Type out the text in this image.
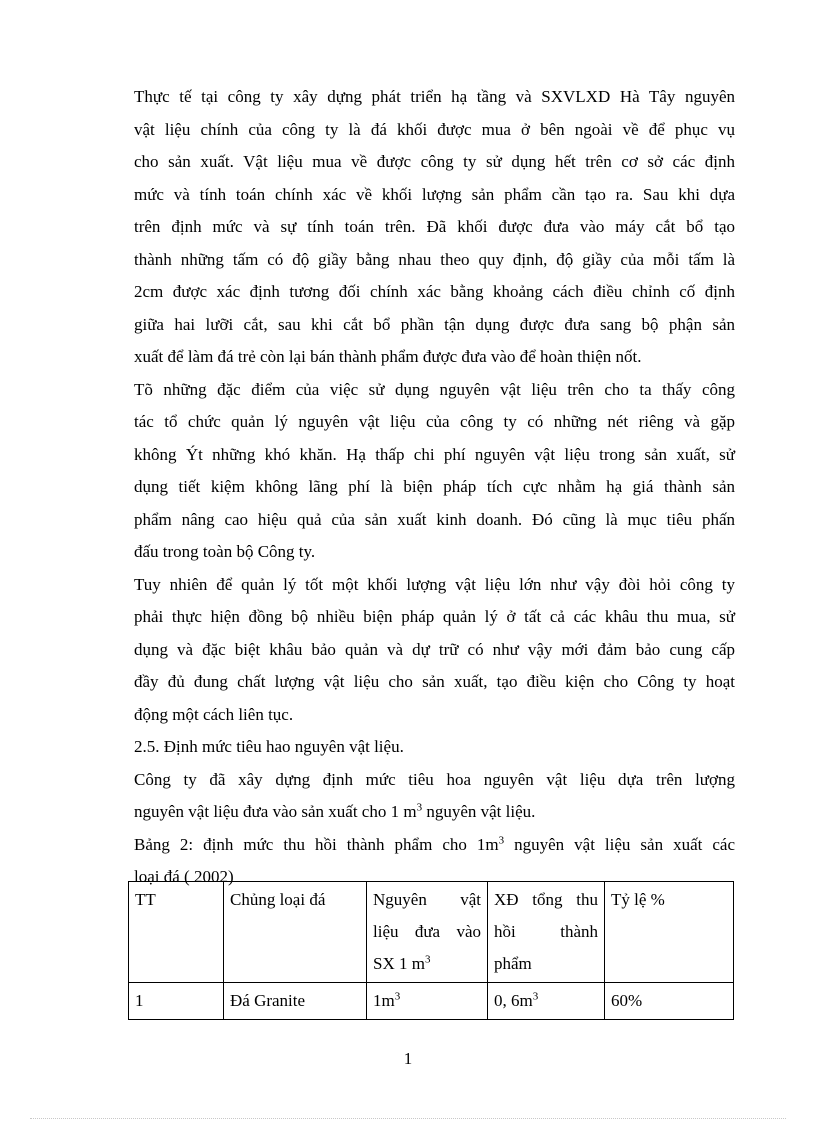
Thực tế tại công ty xây dựng phát triển hạ tầng và SXVLXD Hà Tây nguyên
vật liệu chính của công ty là đá khối được mua ở bên ngoài về để phục vụ
cho sản xuất. Vật liệu mua về được công ty sử dụng hết trên cơ sở các định
mức và tính toán chính xác về khối lượng sản phẩm cần tạo ra. Sau khi dựa
trên định mức và sự tính toán trên. Đã khối được đưa vào máy cắt bổ tạo
thành những tấm có độ giầy bằng nhau theo quy định, độ giầy của mỗi tấm là
2cm được xác định tương đối chính xác bằng khoảng cách điều chỉnh cố định
giữa hai lưỡi cắt, sau khi cắt bổ phần tận dụng được đưa sang bộ phận sản
xuất để làm đá trẻ còn lại bán thành phẩm được đưa vào để hoàn thiện nốt.

Tõ những đặc điểm của việc sử dụng nguyên vật liệu trên cho ta thấy công
tác tổ chức quản lý nguyên vật liệu của công ty có những nét riêng và gặp
không Ýt những khó khăn. Hạ thấp chi phí nguyên vật liệu trong sản xuất, sử
dụng tiết kiệm không lãng phí là biện pháp tích cực nhằm hạ giá thành sản
phẩm nâng cao hiệu quả của sản xuất kinh doanh. Đó cũng là mục tiêu phấn
đấu trong toàn bộ Công ty.

Tuy nhiên để quản lý tốt một khối lượng vật liệu lớn như vậy đòi hỏi công ty
phải thực hiện đồng bộ nhiều biện pháp quản lý ở tất cả các khâu thu mua, sử
dụng và đặc biệt khâu bảo quản và dự trữ có như vậy mới đảm bảo cung cấp
đầy đủ đung chất lượng vật liệu cho sản xuất, tạo điều kiện cho Công ty hoạt
động một cách liên tục.

2.5. Định mức tiêu hao nguyên vật liệu.

Công ty đã xây dựng định mức tiêu hoa nguyên vật liệu dựa trên lượng
nguyên vật liệu đưa vào sản xuất cho 1 $m^3$ nguyên vật liệu.

Bảng 2: định mức thu hồi thành phẩm cho $1m^3$ nguyên vật liệu sản xuất các
loại đá ( 2002)

TT	Chủng loại đá	Nguyên vật
liệu đưa vào
SX 1 $m^3$	XĐ tổng thu
hồi thành
phẩm	Tỷ lệ %
1	Đá Granite	$1m^3$	0, $6m^3$	60%
1
